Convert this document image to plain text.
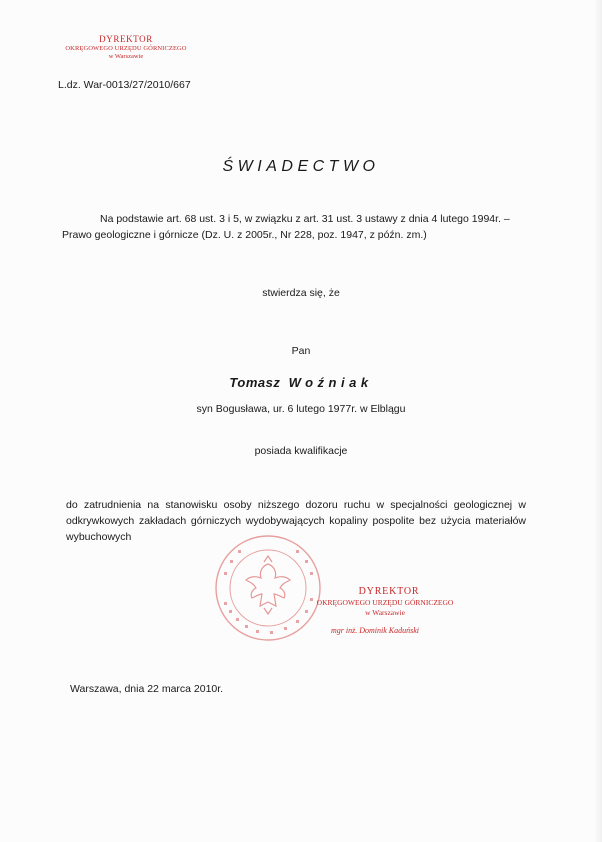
DYREKTOR
OKRĘGOWEGO URZĘDU GÓRNICZEGO
w Warszawie
L.dz. War-0013/27/2010/667
ŚWIADECTWO
Na podstawie art. 68 ust. 3 i 5, w związku z art. 31 ust. 3 ustawy z dnia 4 lutego 1994r. – Prawo geologiczne i górnicze (Dz. U. z 2005r., Nr 228, poz. 1947, z późn. zm.)
stwierdza się, że
Pan
Tomasz Woźniak
syn Bogusława, ur. 6 lutego 1977r. w Elblągu
posiada kwalifikacje
do zatrudnienia na stanowisku osoby niższego dozoru ruchu w specjalności geologicznej w odkrywkowych zakładach górniczych wydobywających kopaliny pospolite bez użycia materiałów wybuchowych
DYREKTOR
OKRĘGOWEGO URZĘDU GÓRNICZEGO
w Warszawie
mgr inż. Dominik Kaduński
Warszawa, dnia 22 marca 2010r.
